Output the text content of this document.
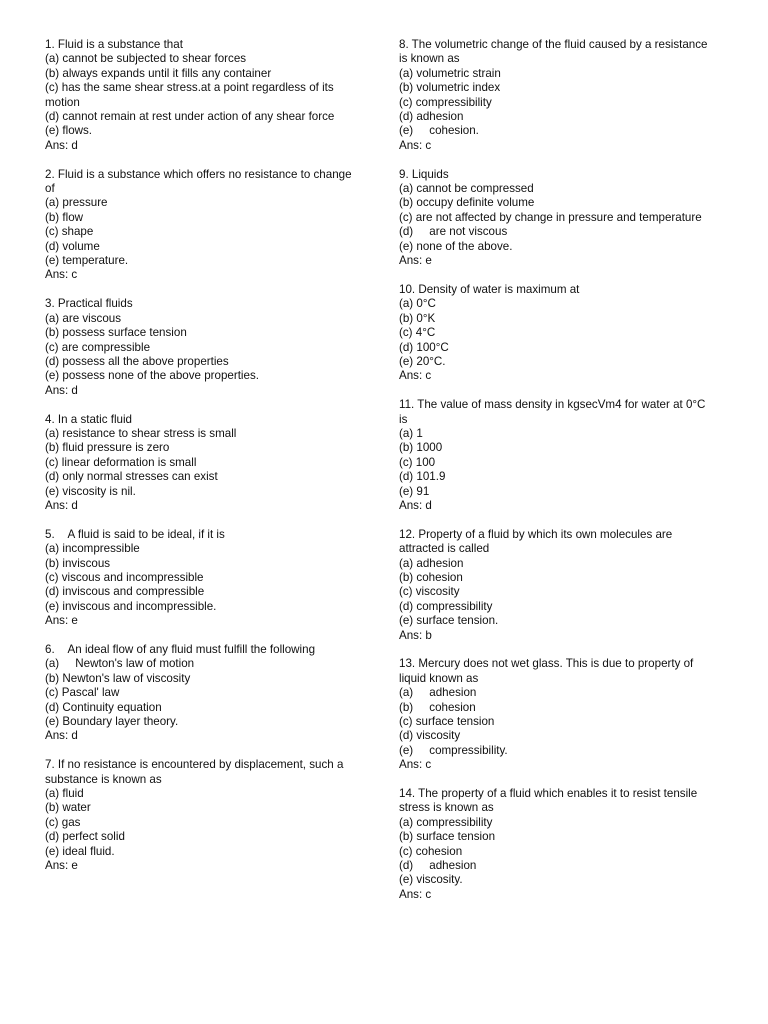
1. Fluid is a substance that
(a) cannot be subjected to shear forces
(b) always expands until it fills any container
(c) has the same shear stress.at a point regardless of its motion
(d) cannot remain at rest under action of any shear force
(e) flows.
Ans: d
2. Fluid is a substance which offers no resistance to change of
(a) pressure
(b) flow
(c) shape
(d) volume
(e) temperature.
Ans: c
3. Practical fluids
(a) are viscous
(b) possess surface tension
(c) are compressible
(d) possess all the above properties
(e) possess none of the above properties.
Ans: d
4. In a static fluid
(a) resistance to shear stress is small
(b) fluid pressure is zero
(c) linear deformation is small
(d) only normal stresses can exist
(e) viscosity is nil.
Ans: d
5.    A fluid is said to be ideal, if it is
(a) incompressible
(b) inviscous
(c) viscous and incompressible
(d) inviscous and compressible
(e) inviscous and incompressible.
Ans: e
6.    An ideal flow of any fluid must fulfill the following
(a)     Newton's law of motion
(b) Newton's law of viscosity
(c) Pascal' law
(d) Continuity equation
(e) Boundary layer theory.
Ans: d
7. If no resistance is encountered by displacement, such a substance is known as
(a) fluid
(b) water
(c) gas
(d) perfect solid
(e) ideal fluid.
Ans: e
8. The volumetric change of the fluid caused by a resistance is known as
(a) volumetric strain
(b) volumetric index
(c) compressibility
(d) adhesion
(e)     cohesion.
Ans: c
9. Liquids
(a) cannot be compressed
(b) occupy definite volume
(c) are not affected by change in pressure and temperature
(d)     are not viscous
(e) none of the above.
Ans: e
10. Density of water is maximum at
(a) 0°C
(b) 0°K
(c) 4°C
(d) 100°C
(e) 20°C.
Ans: c
11. The value of mass density in kgsecVm4 for water at 0°C is
(a) 1
(b) 1000
(c) 100
(d) 101.9
(e) 91
Ans: d
12. Property of a fluid by which its own molecules are attracted is called
(a) adhesion
(b) cohesion
(c) viscosity
(d) compressibility
(e) surface tension.
Ans: b
13. Mercury does not wet glass. This is due to property of liquid known as
(a)     adhesion
(b)     cohesion
(c) surface tension
(d) viscosity
(e)     compressibility.
Ans: c
14. The property of a fluid which enables it to resist tensile stress is known as
(a) compressibility
(b) surface tension
(c) cohesion
(d)     adhesion
(e) viscosity.
Ans: c
